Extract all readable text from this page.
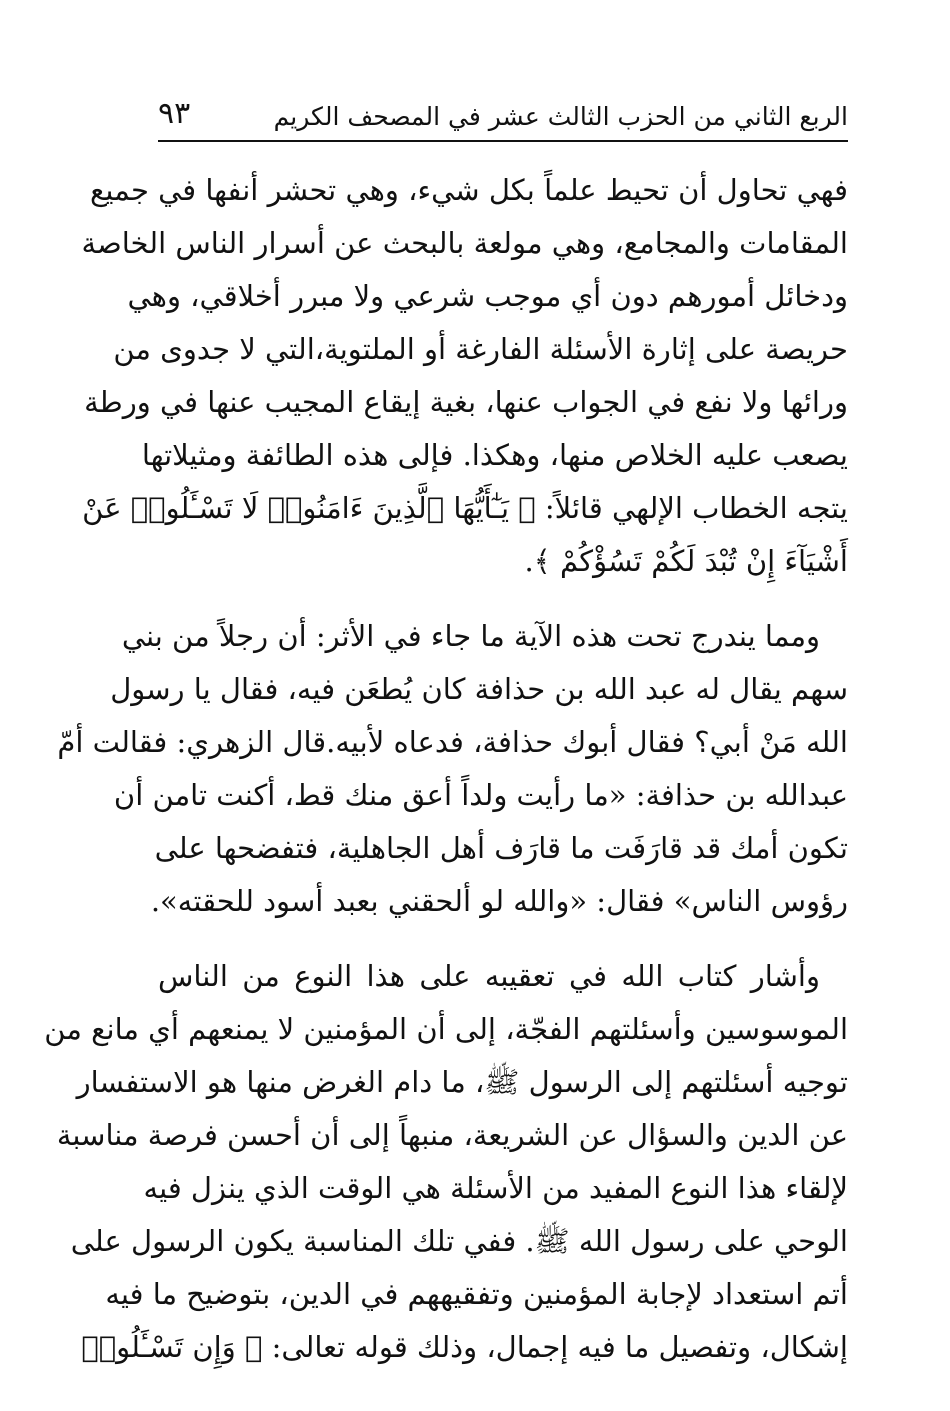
الربع الثاني من الحزب الثالث عشر في المصحف الكريم
٩٣

فهي تحاول أن تحيط علماً بكل شيء، وهي تحشر أنفها في جميع
المقامات والمجامع، وهي مولعة بالبحث عن أسرار الناس الخاصة
ودخائل أمورهم دون أي موجب شرعي ولا مبرر أخلاقي، وهي
حريصة على إثارة الأسئلة الفارغة أو الملتوية،التي لا جدوى من
ورائها ولا نفع في الجواب عنها، بغية إيقاع المجيب عنها في ورطة
يصعب عليه الخلاص منها، وهكذا. فإلى هذه الطائفة ومثيلاتها
يتجه الخطاب الإلهي قائلاً: ﴿ يَـٰٓأَيُّهَا ٱلَّذِينَ ءَامَنُوا۟ لَا تَسْـَٔلُوا۟ عَنْ
أَشْيَآءَ إِنْ تُبْدَ لَكُمْ تَسُؤْكُمْ ﴾.

ومما يندرج تحت هذه الآية ما جاء في الأثر: أن رجلاً من بني
سهم يقال له عبد الله بن حذافة كان يُطعَن فيه، فقال يا رسول
الله مَنْ أبي؟ فقال أبوك حذافة، فدعاه لأبيه.قال الزهري: فقالت أمّ
عبدالله بن حذافة: «ما رأيت ولداً أعق منك قط، أكنت تامن أن
تكون أمك قد قارَفَت ما قارَف أهل الجاهلية، فتفضحها على
رؤوس الناس» فقال: «والله لو ألحقني بعبد أسود للحقته».

وأشار كتاب الله في تعقيبه على هذا النوع من الناس
الموسوسين وأسئلتهم الفجّة، إلى أن المؤمنين لا يمنعهم أي مانع من
توجيه أسئلتهم إلى الرسول ﷺ، ما دام الغرض منها هو الاستفسار
عن الدين والسؤال عن الشريعة، منبهاً إلى أن أحسن فرصة مناسبة
لإلقاء هذا النوع المفيد من الأسئلة هي الوقت الذي ينزل فيه
الوحي على رسول الله ﷺ. ففي تلك المناسبة يكون الرسول على
أتم استعداد لإجابة المؤمنين وتفقيههم في الدين، بتوضيح ما فيه
إشكال، وتفصيل ما فيه إجمال، وذلك قوله تعالى: ﴿ وَإِن تَسْـَٔلُوا۟
